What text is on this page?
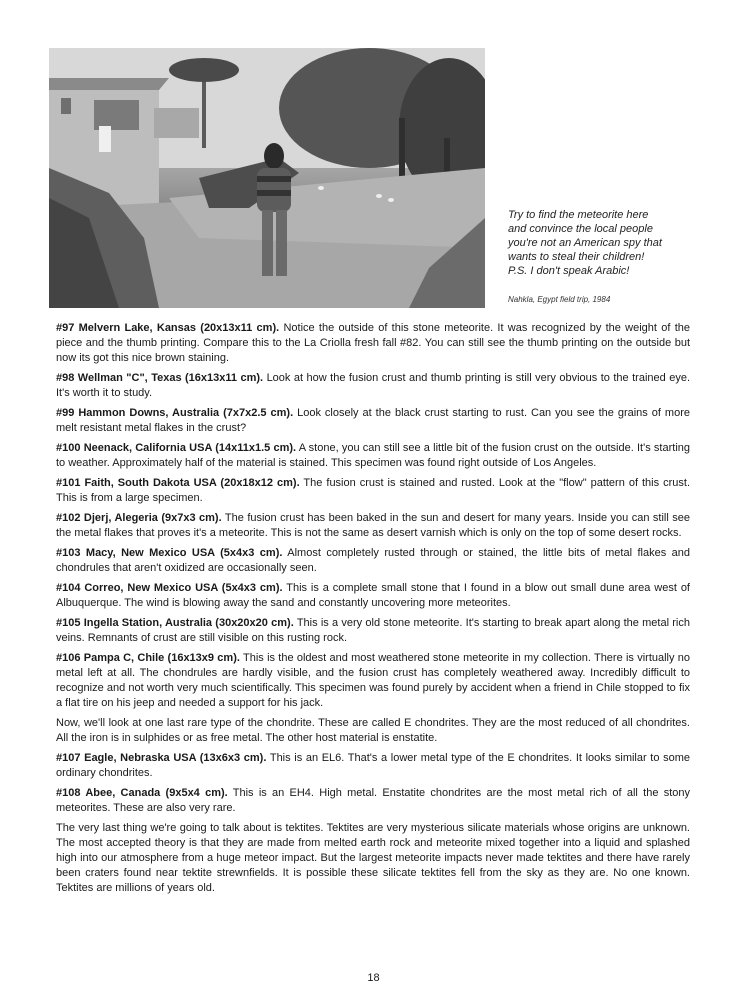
Try to find the meteorite here
and convince the local people
you're not an American spy that
wants to steal their children!
P.S. I don't speak Arabic!
Nahkla, Egypt field trip, 1984

#97 Melvern Lake, Kansas (20x13x11 cm). Notice the outside of this stone meteorite. It was recognized by the weight of the piece and the thumb printing. Compare this to the La Criolla fresh fall #82. You can still see the thumb printing on the outside but now its got this nice brown staining.

#98 Wellman "C", Texas (16x13x11 cm). Look at how the fusion crust and thumb printing is still very obvious to the trained eye. It's worth it to study.

#99 Hammon Downs, Australia (7x7x2.5 cm). Look closely at the black crust starting to rust. Can you see the grains of more melt resistant metal flakes in the crust?

#100 Neenack, California USA (14x11x1.5 cm). A stone, you can still see a little bit of the fusion crust on the outside. It's starting to weather. Approximately half of the material is stained. This specimen was found right outside of Los Angeles.

#101 Faith, South Dakota USA (20x18x12 cm). The fusion crust is stained and rusted. Look at the "flow" pattern of this crust. This is from a large specimen.

#102 Djerj, Alegeria (9x7x3 cm). The fusion crust has been baked in the sun and desert for many years. Inside you can still see the metal flakes that proves it's a meteorite. This is not the same as desert varnish which is only on the top of some desert rocks.

#103 Macy, New Mexico USA (5x4x3 cm). Almost completely rusted through or stained, the little bits of metal flakes and chondrules that aren't oxidized are occasionally seen.

#104 Correo, New Mexico USA (5x4x3 cm). This is a complete small stone that I found in a blow out small dune area west of Albuquerque. The wind is blowing away the sand and constantly uncovering more meteorites.

#105 Ingella Station, Australia (30x20x20 cm). This is a very old stone meteorite. It's starting to break apart along the metal rich veins. Remnants of crust are still visible on this rusting rock.

#106 Pampa C, Chile (16x13x9 cm). This is the oldest and most weathered stone meteorite in my collection. There is virtually no metal left at all. The chondrules are hardly visible, and the fusion crust has completely weathered away. Incredibly difficult to recognize and not worth very much scientifically. This specimen was found purely by accident when a friend in Chile stopped to fix a flat tire on his jeep and needed a support for his jack.

Now, we'll look at one last rare type of the chondrite. These are called E chondrites. They are the most reduced of all chondrites. All the iron is in sulphides or as free metal. The other host material is enstatite.

#107 Eagle, Nebraska USA (13x6x3 cm). This is an EL6. That's a lower metal type of the E chondrites. It looks similar to some ordinary chondrites.

#108 Abee, Canada (9x5x4 cm). This is an EH4. High metal. Enstatite chondrites are the most metal rich of all the stony meteorites. These are also very rare.

The very last thing we're going to talk about is tektites. Tektites are very mysterious silicate materials whose origins are unknown. The most accepted theory is that they are made from melted earth rock and meteorite mixed together into a liquid and splashed high into our atmosphere from a huge meteor impact. But the largest meteorite impacts never made tektites and there have rarely been craters found near tektite strewnfields. It is possible these silicate tektites fell from the sky as they are. No one known. Tektites are millions of years old.

18
